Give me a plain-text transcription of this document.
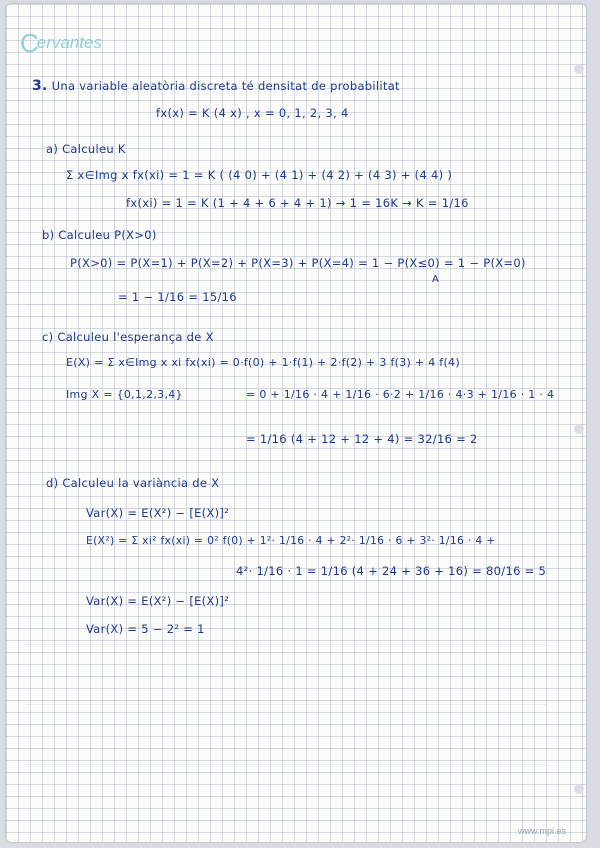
Cervantes
3. Una variable aleatòria discreta té densitat de probabilitat
fx(x) = K (4 x) , x = 0, 1, 2, 3, 4
a) Calculeu K
Σ x∈Img x fx(xi) = 1 = K ( (4 0) + (4 1) + (4 2) + (4 3) + (4 4) )
fx(xi) = 1 = K (1 + 4 + 6 + 4 + 1) → 1 = 16K → K = 1/16
b) Calculeu P(X>0)
P(X>0) = P(X=1) + P(X=2) + P(X=3) + P(X=4) = 1 − P(X≤0) = 1 − P(X=0)
A
= 1 − 1/16 = 15/16
c) Calculeu l'esperança de X
E(X) = Σ x∈Img x xi fx(xi) = 0·f(0) + 1·f(1) + 2·f(2) + 3 f(3) + 4 f(4)
Img X = {0,1,2,3,4}	= 0 + 1/16 · 4 + 1/16 · 6·2 + 1/16 · 4·3 + 1/16 · 1 · 4
= 1/16 (4 + 12 + 12 + 4) = 32/16 = 2
d) Calculeu la variància de X
Var(X) = E(X²) − [E(X)]²
E(X²) = Σ xi² fx(xi) = 0² f(0) + 1²· 1/16 · 4 + 2²· 1/16 · 6 + 3²· 1/16 · 4 +
4²· 1/16 · 1 = 1/16 (4 + 24 + 36 + 16) = 80/16 = 5
Var(X) = E(X²) − [E(X)]²
Var(X) = 5 − 2² = 1
www.mpi.es
